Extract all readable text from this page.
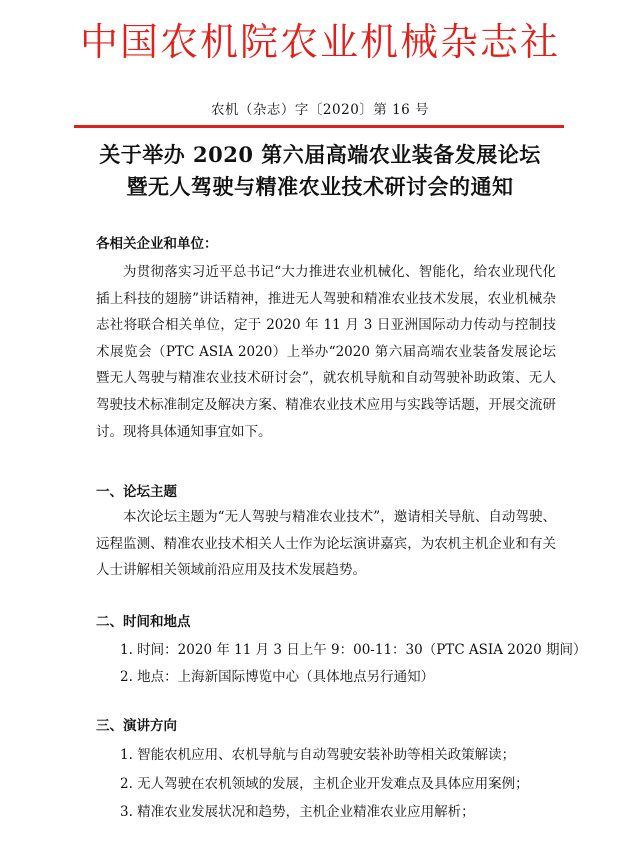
中国农机院农业机械杂志社
农机（杂志）字〔2020〕第 16 号
关于举办 2020 第六届高端农业装备发展论坛
暨无人驾驶与精准农业技术研讨会的通知
各相关企业和单位：

为贯彻落实习近平总书记“大力推进农业机械化、智能化，给农业现代化插上科技的翅膀”讲话精神，推进无人驾驶和精准农业技术发展，农业机械杂志社将联合相关单位，定于 2020 年 11 月 3 日亚洲国际动力传动与控制技术展览会（PTC ASIA 2020）上举办“2020 第六届高端农业装备发展论坛暨无人驾驶与精准农业技术研讨会”，就农机导航和自动驾驶补助政策、无人驾驶技术标准制定及解决方案、精准农业技术应用与实践等话题，开展交流研讨。现将具体通知事宜如下。

一、论坛主题

本次论坛主题为“无人驾驶与精准农业技术”，邀请相关导航、自动驾驶、远程监测、精准农业技术相关人士作为论坛演讲嘉宾，为农机主机企业和有关人士讲解相关领域前沿应用及技术发展趋势。

二、时间和地点
1. 时间：2020 年 11 月 3 日上午 9：00-11：30（PTC ASIA 2020 期间）
2. 地点：上海新国际博览中心（具体地点另行通知）
三、演讲方向
1. 智能农机应用、农机导航与自动驾驶安装补助等相关政策解读；
2. 无人驾驶在农机领域的发展，主机企业开发难点及具体应用案例；
3. 精准农业发展状况和趋势，主机企业精准农业应用解析；
